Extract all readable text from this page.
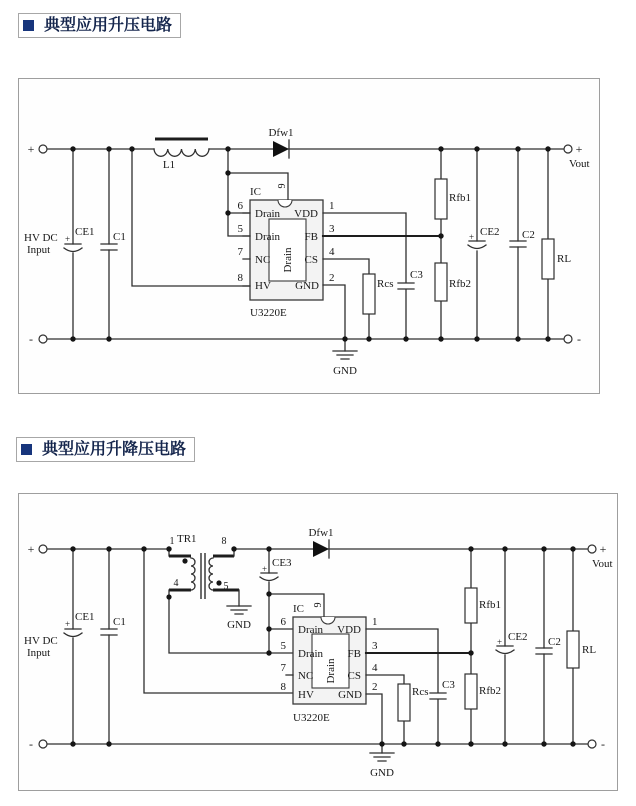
典型应用升压电路
+
-
HV DC
Input
+
Vout
-
+
CE1 C1
L1
Dfw1
Drain
IC 9
U3220E
6
5
7
8
Drain
Drain
NC
HV
1
3
4
2
VDD
FB
CS
GND
C3
Rcs
GND
Rfb1
Rfb2
+ CE2 C2
RL
典型应用升降压电路
+
-
HV DC
Input
+
Vout
-
+
CE1 C1
1 TR1 8
4	5
GND
+ CE3
Dfw1
Drain
IC 9
U3220E
6
5
7
8
Drain
Drain
NC
HV
1
3
4
2
VDD
FB
CS
GND
C3
Rcs
GND
Rfb1
Rfb2
+ CE2 C2
RL
